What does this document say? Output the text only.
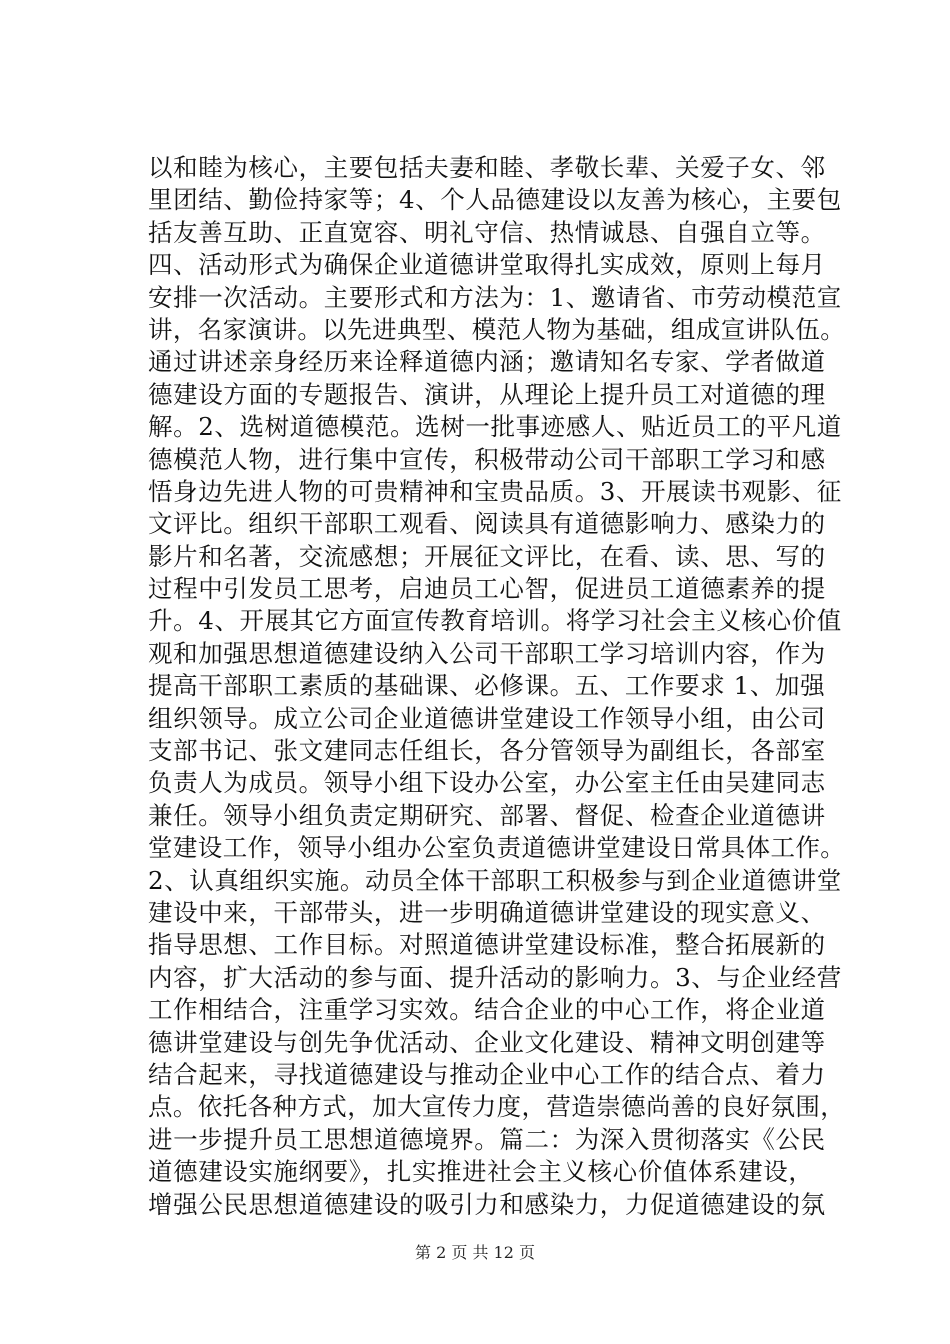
以和睦为核心，主要包括夫妻和睦、孝敬长辈、关爱子女、邻
里团结、勤俭持家等；4、个人品德建设以友善为核心，主要包
括友善互助、正直宽容、明礼守信、热情诚恳、自强自立等。
四、活动形式为确保企业道德讲堂取得扎实成效，原则上每月
安排一次活动。主要形式和方法为：1、邀请省、市劳动模范宣
讲，名家演讲。以先进典型、模范人物为基础，组成宣讲队伍。
通过讲述亲身经历来诠释道德内涵；邀请知名专家、学者做道
德建设方面的专题报告、演讲，从理论上提升员工对道德的理
解。2、选树道德模范。选树一批事迹感人、贴近员工的平凡道
德模范人物，进行集中宣传，积极带动公司干部职工学习和感
悟身边先进人物的可贵精神和宝贵品质。3、开展读书观影、征
文评比。组织干部职工观看、阅读具有道德影响力、感染力的
影片和名著，交流感想；开展征文评比，在看、读、思、写的
过程中引发员工思考，启迪员工心智，促进员工道德素养的提
升。4、开展其它方面宣传教育培训。将学习社会主义核心价值
观和加强思想道德建设纳入公司干部职工学习培训内容，作为
提高干部职工素质的基础课、必修课。五、工作要求 1、加强
组织领导。成立公司企业道德讲堂建设工作领导小组，由公司
支部书记、张文建同志任组长，各分管领导为副组长，各部室
负责人为成员。领导小组下设办公室，办公室主任由吴建同志
兼任。领导小组负责定期研究、部署、督促、检查企业道德讲
堂建设工作，领导小组办公室负责道德讲堂建设日常具体工作。
2、认真组织实施。动员全体干部职工积极参与到企业道德讲堂
建设中来，干部带头，进一步明确道德讲堂建设的现实意义、
指导思想、工作目标。对照道德讲堂建设标准，整合拓展新的
内容，扩大活动的参与面、提升活动的影响力。3、与企业经营
工作相结合，注重学习实效。结合企业的中心工作，将企业道
德讲堂建设与创先争优活动、企业文化建设、精神文明创建等
结合起来，寻找道德建设与推动企业中心工作的结合点、着力
点。依托各种方式，加大宣传力度，营造崇德尚善的良好氛围，
进一步提升员工思想道德境界。篇二：为深入贯彻落实《公民
道德建设实施纲要》，扎实推进社会主义核心价值体系建设，
增强公民思想道德建设的吸引力和感染力，力促道德建设的氛
第 2 页 共 12 页
